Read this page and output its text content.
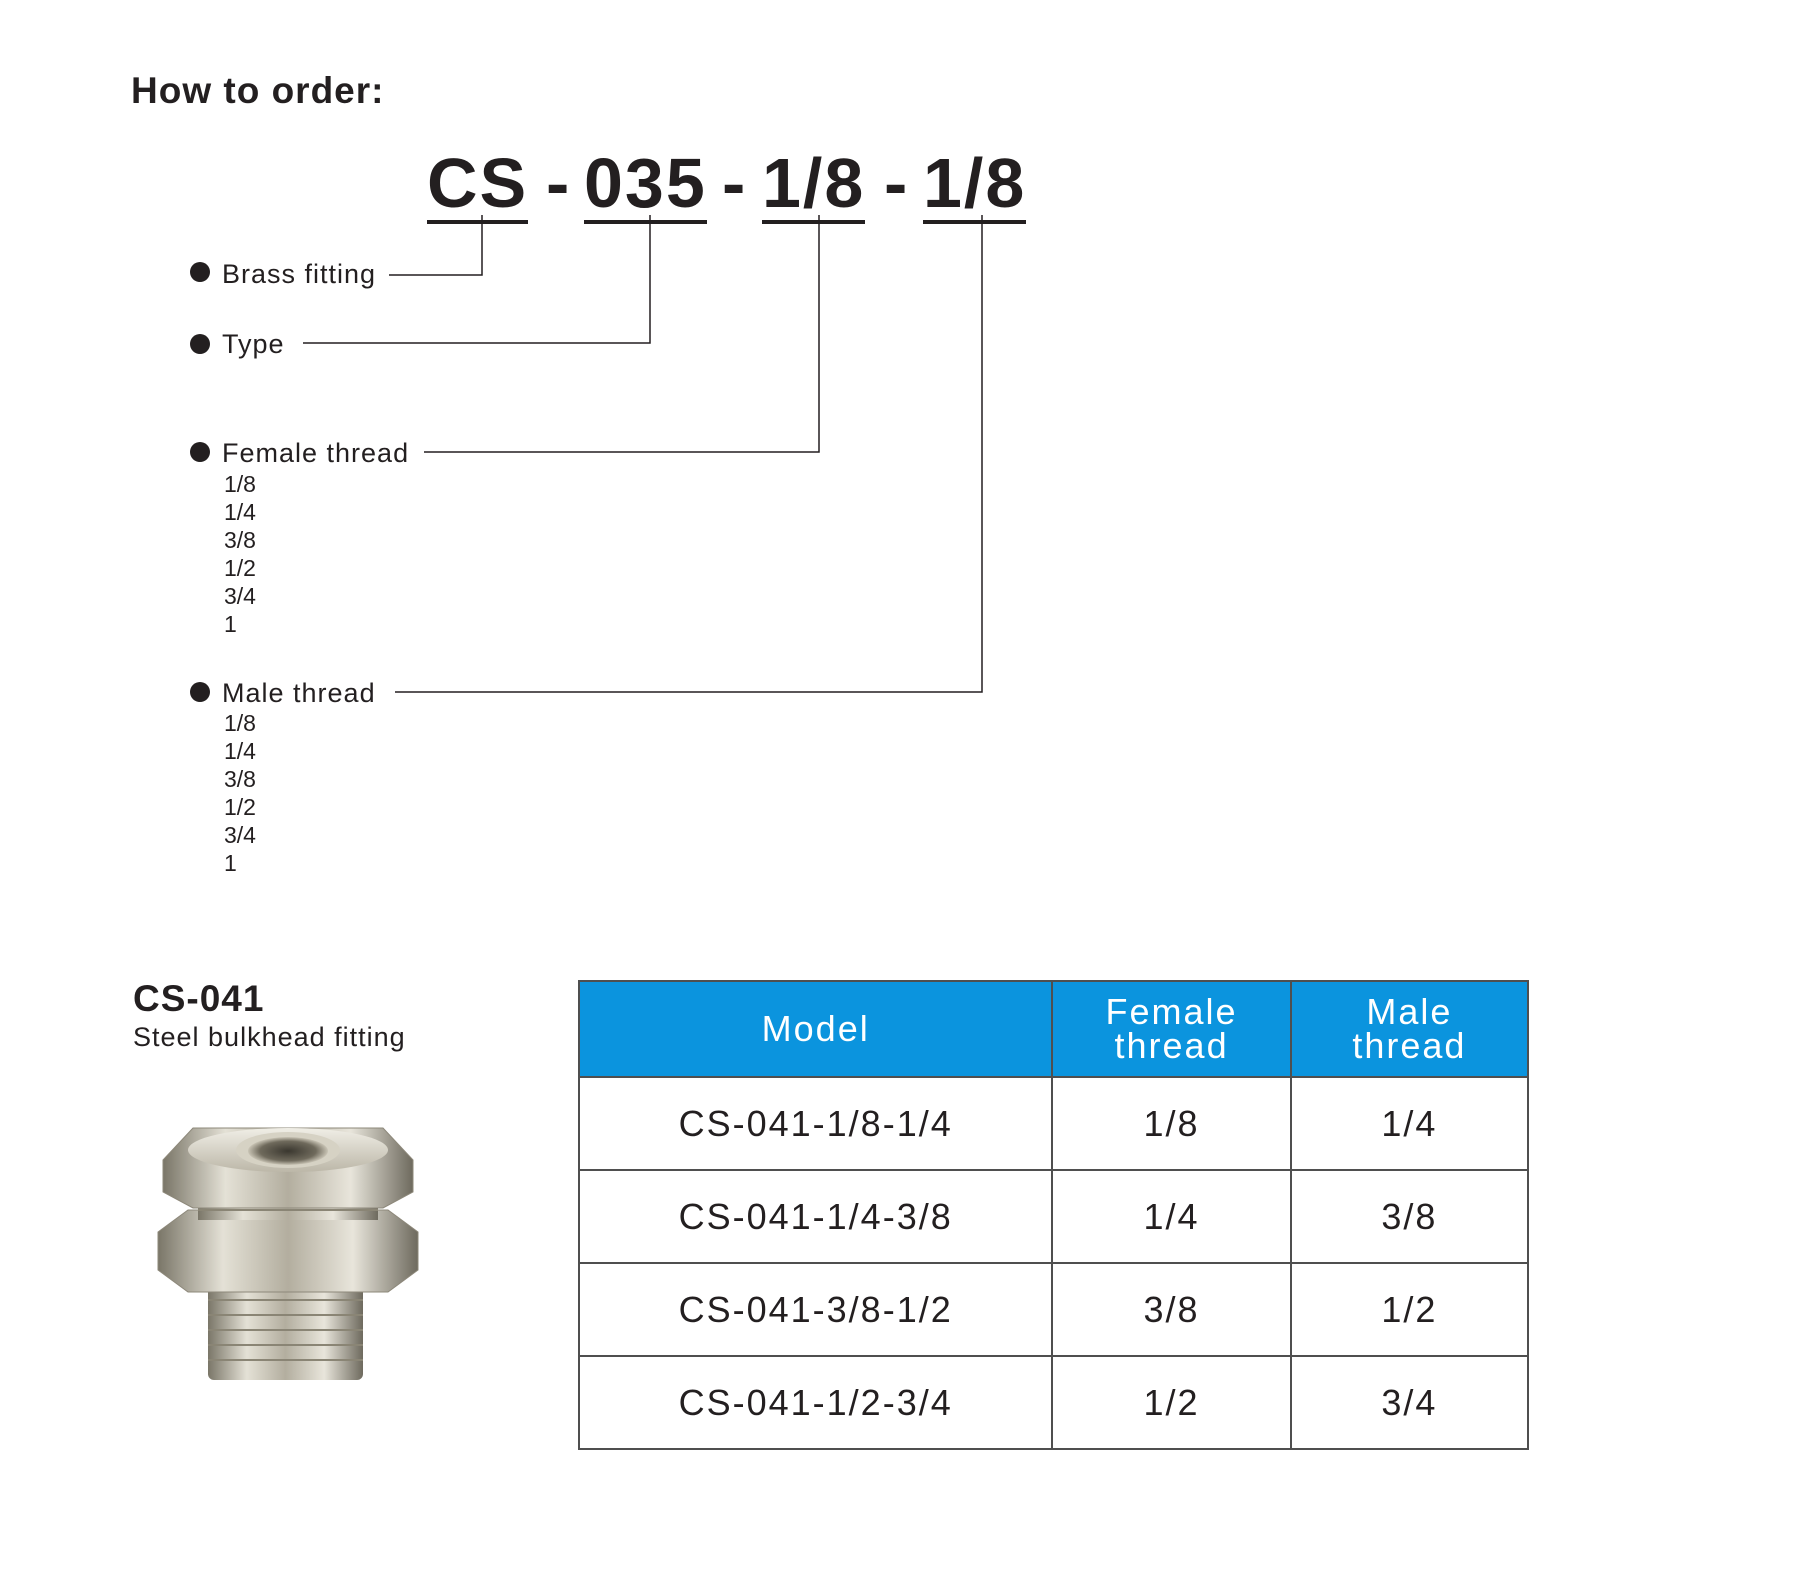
How to order:
CS - 035 - 1/8 - 1/8
Brass fitting
Type
Female thread
1/8
1/4
3/8
1/2
3/4
1
Male thread
1/8
1/4
3/8
1/2
3/4
1
CS-041
Steel bulkhead fitting	Model	Female thread	Male thread

CS-041-1/8-1/4	1/8	1/4
CS-041-1/4-3/8	1/4	3/8
CS-041-3/8-1/2	3/8	1/2
CS-041-1/2-3/4	1/2	3/4
